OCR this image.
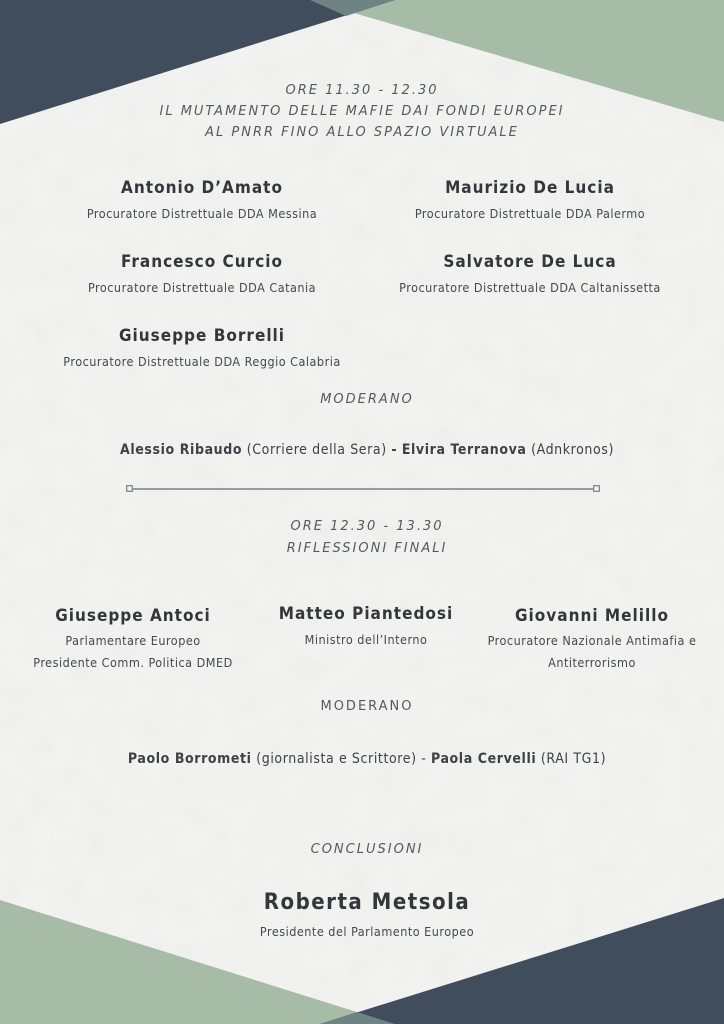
ORE 11.30 - 12.30
IL MUTAMENTO DELLE MAFIE DAI FONDI EUROPEI
AL PNRR FINO ALLO SPAZIO VIRTUALE
Antonio D’Amato
Procuratore Distrettuale DDA Messina
Maurizio De Lucia
Procuratore Distrettuale DDA Palermo
Francesco Curcio
Procuratore Distrettuale DDA Catania
Salvatore De Luca
Procuratore Distrettuale DDA Caltanissetta
Giuseppe Borrelli
Procuratore Distrettuale DDA Reggio Calabria
MODERANO
Alessio Ribaudo (Corriere della Sera) - Elvira Terranova (Adnkronos)
ORE 12.30 - 13.30
RIFLESSIONI FINALI
Giuseppe Antoci
Parlamentare Europeo
Presidente Comm. Politica DMED
Matteo Piantedosi
Ministro dell’Interno
Giovanni Melillo
Procuratore Nazionale Antimafia e
Antiterrorismo
MODERANO
Paolo Borrometi (giornalista e Scrittore) - Paola Cervelli (RAI TG1)
CONCLUSIONI
Roberta Metsola
Presidente del Parlamento Europeo
